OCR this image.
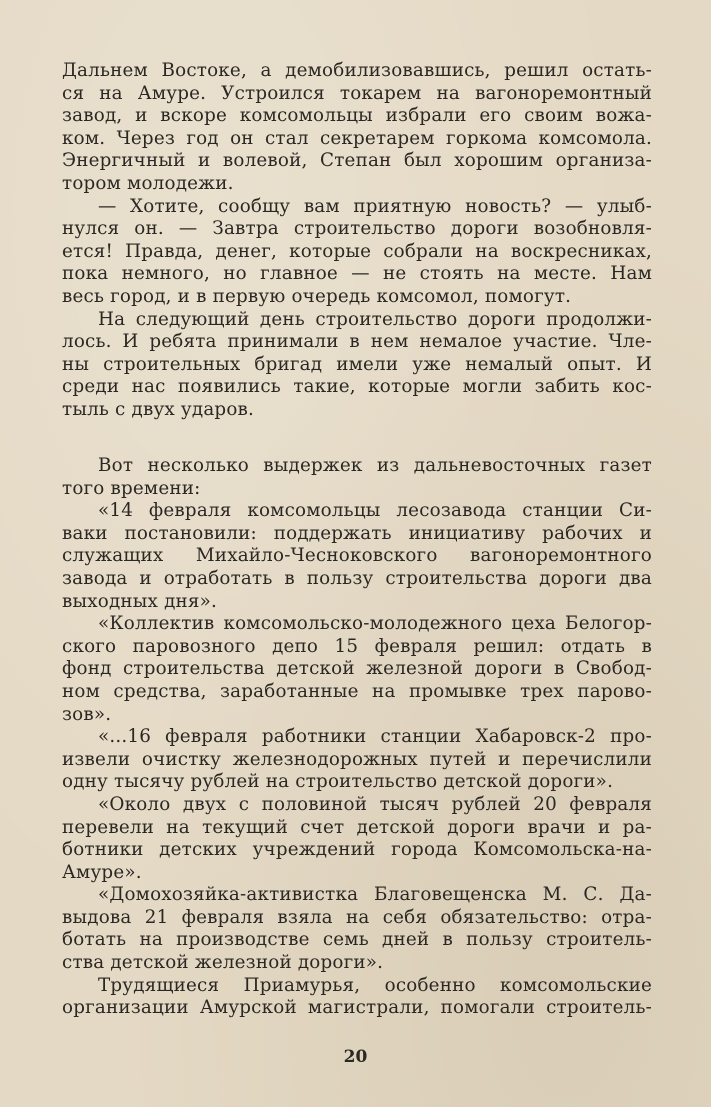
Дальнем Востоке, а демобилизовавшись, решил остать-
ся на Амуре. Устроился токарем на вагоноремонтный
завод, и вскоре комсомольцы избрали его своим вожа-
ком. Через год он стал секретарем горкома комсомола.
Энергичный и волевой, Степан был хорошим организа-
тором молодежи.
— Хотите, сообщу вам приятную новость? — улыб-
нулся он. — Завтра строительство дороги возобновля-
ется! Правда, денег, которые собрали на воскресниках,
пока немного, но главное — не стоять на месте. Нам
весь город, и в первую очередь комсомол, помогут.
На следующий день строительство дороги продолжи-
лось. И ребята принимали в нем немалое участие. Чле-
ны строительных бригад имели уже немалый опыт. И
среди нас появились такие, которые могли забить кос-
тыль с двух ударов.
Вот несколько выдержек из дальневосточных газет
того времени:
«14 февраля комсомольцы лесозавода станции Си-
ваки постановили: поддержать инициативу рабочих и
служащих Михайло-Чесноковского вагоноремонтного
завода и отработать в пользу строительства дороги два
выходных дня».
«Коллектив комсомольско-молодежного цеха Белогор-
ского паровозного депо 15 февраля решил: отдать в
фонд строительства детской железной дороги в Свобод-
ном средства, заработанные на промывке трех парово-
зов».
«...16 февраля работники станции Хабаровск-2 про-
извели очистку железнодорожных путей и перечислили
одну тысячу рублей на строительство детской дороги».
«Около двух с половиной тысяч рублей 20 февраля
перевели на текущий счет детской дороги врачи и ра-
ботники детских учреждений города Комсомольска-на-
Амуре».
«Домохозяйка-активистка Благовещенска М. С. Да-
выдова 21 февраля взяла на себя обязательство: отра-
ботать на производстве семь дней в пользу строитель-
ства детской железной дороги».
Трудящиеся Приамурья, особенно комсомольские
организации Амурской магистрали, помогали строитель-
20
